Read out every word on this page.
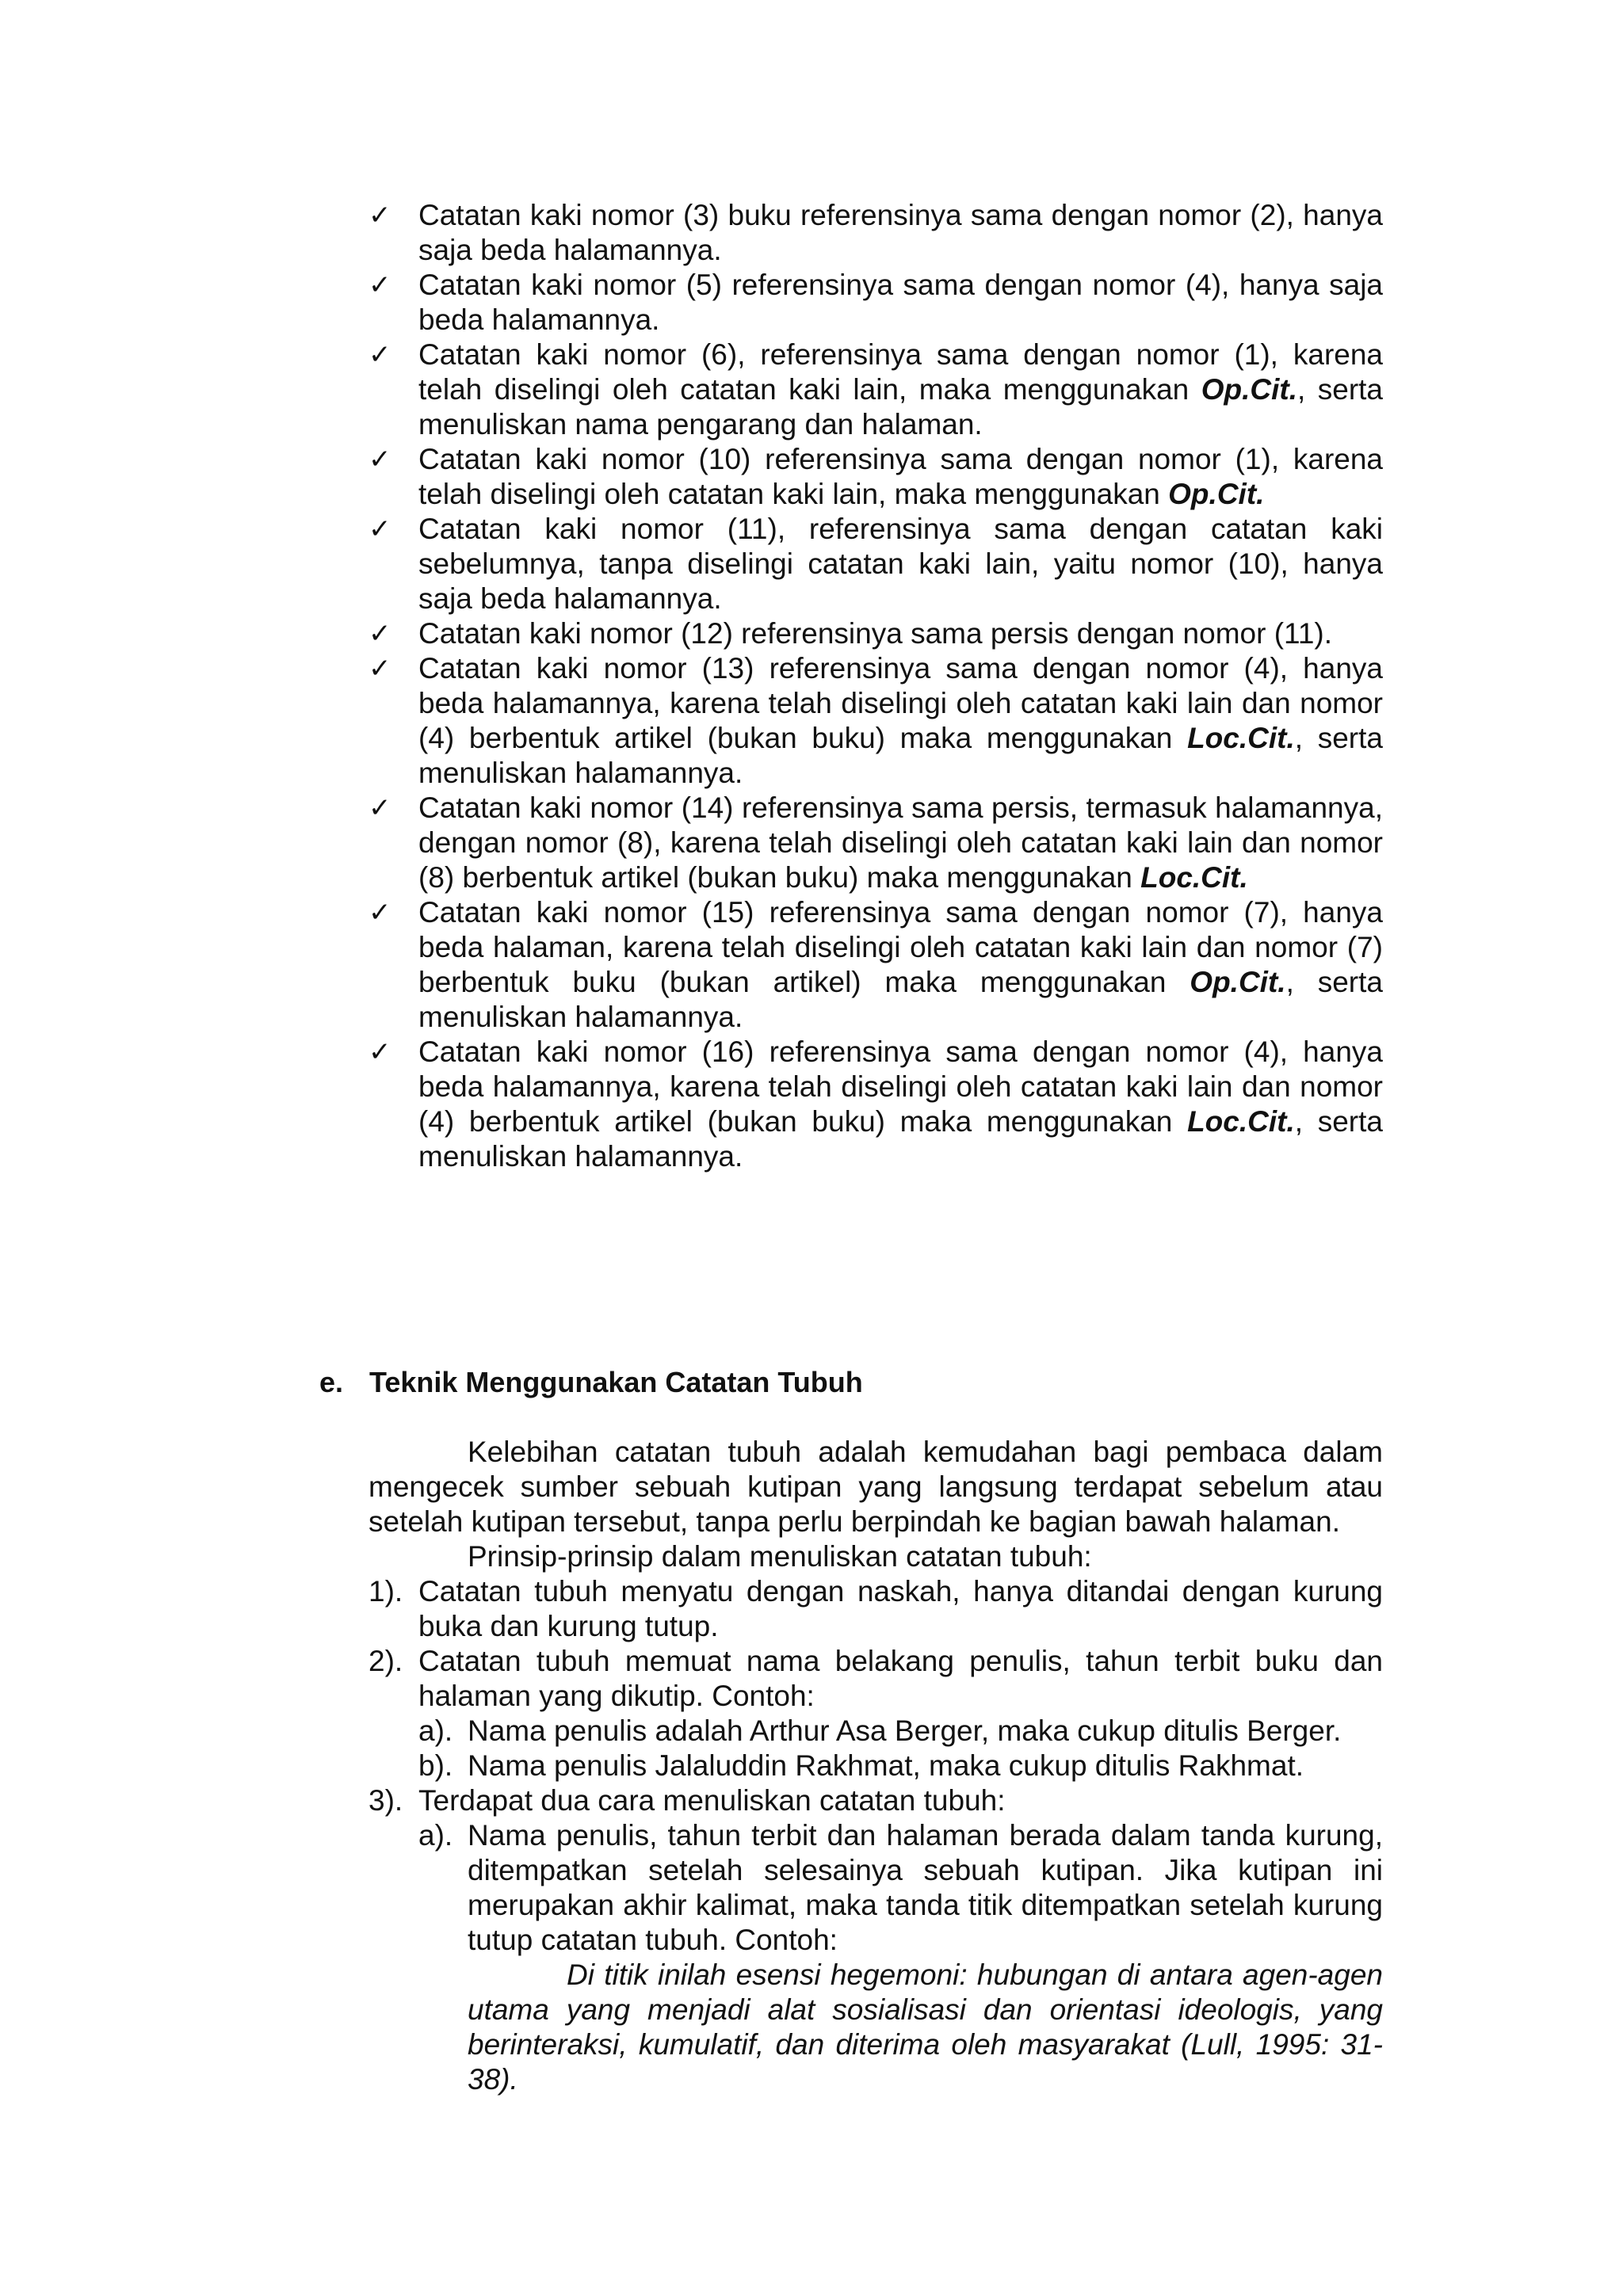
✓ Catatan kaki nomor (3) buku referensinya sama dengan nomor (2), hanya saja beda halamannya.
✓ Catatan kaki nomor (5) referensinya sama dengan nomor (4), hanya saja beda halamannya.
✓ Catatan kaki nomor (6), referensinya sama dengan nomor (1), karena telah diselingi oleh catatan kaki lain, maka menggunakan Op.Cit., serta menuliskan nama pengarang dan halaman.
✓ Catatan kaki nomor (10) referensinya sama dengan nomor (1), karena telah diselingi oleh catatan kaki lain, maka menggunakan Op.Cit.
✓ Catatan kaki nomor (11), referensinya sama dengan catatan kaki sebelumnya, tanpa diselingi catatan kaki lain, yaitu nomor (10), hanya saja beda halamannya.
✓ Catatan kaki nomor (12) referensinya sama persis dengan nomor (11).
✓ Catatan kaki nomor (13) referensinya sama dengan nomor (4), hanya beda halamannya, karena telah diselingi oleh catatan kaki lain dan nomor (4) berbentuk artikel (bukan buku) maka menggunakan Loc.Cit., serta menuliskan halamannya.
✓ Catatan kaki nomor (14) referensinya sama persis, termasuk halamannya, dengan nomor (8), karena telah diselingi oleh catatan kaki lain dan nomor (8) berbentuk artikel (bukan buku) maka menggunakan Loc.Cit.
✓ Catatan kaki nomor (15) referensinya sama dengan nomor (7), hanya beda halaman, karena telah diselingi oleh catatan kaki lain dan nomor (7) berbentuk buku (bukan artikel) maka menggunakan Op.Cit., serta menuliskan halamannya.
✓ Catatan kaki nomor (16) referensinya sama dengan nomor (4), hanya beda halamannya, karena telah diselingi oleh catatan kaki lain dan nomor (4) berbentuk artikel (bukan buku) maka menggunakan Loc.Cit., serta menuliskan halamannya.
e. Teknik Menggunakan Catatan Tubuh
Kelebihan catatan tubuh adalah kemudahan bagi pembaca dalam mengecek sumber sebuah kutipan yang langsung terdapat sebelum atau setelah kutipan tersebut, tanpa perlu berpindah ke bagian bawah halaman.
Prinsip-prinsip dalam menuliskan catatan tubuh:
1). Catatan tubuh menyatu dengan naskah, hanya ditandai dengan kurung buka dan kurung tutup.
2). Catatan tubuh memuat nama belakang penulis, tahun terbit buku dan halaman yang dikutip. Contoh:
a). Nama penulis adalah Arthur Asa Berger, maka cukup ditulis Berger.
b). Nama penulis Jalaluddin Rakhmat, maka cukup ditulis Rakhmat.
3). Terdapat dua cara menuliskan catatan tubuh:
a). Nama penulis, tahun terbit dan halaman berada dalam tanda kurung, ditempatkan setelah selesainya sebuah kutipan. Jika kutipan ini merupakan akhir kalimat, maka tanda titik ditempatkan setelah kurung tutup catatan tubuh. Contoh:
Di titik inilah esensi hegemoni: hubungan di antara agen-agen utama yang menjadi alat sosialisasi dan orientasi ideologis, yang berinteraksi, kumulatif, dan diterima oleh masyarakat (Lull, 1995: 31-38).
